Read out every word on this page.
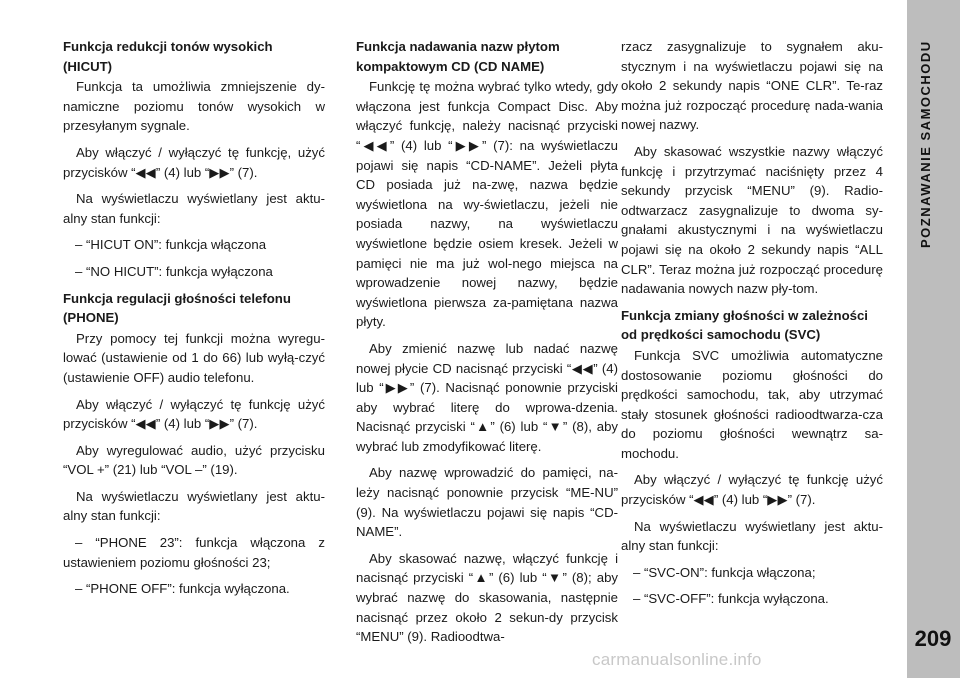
POZNAWANIE SAMOCHODU
209

Funkcja redukcji tonów wysokich (HICUT)

Funkcja ta umożliwia zmniejszenie dy-namiczne poziomu tonów wysokich w przesyłanym sygnale.

Aby włączyć / wyłączyć tę funkcję, użyć przycisków “◀◀” (4) lub “▶▶” (7).

Na wyświetlaczu wyświetlany jest aktu-alny stan funkcji:

– “HICUT ON”: funkcja włączona

– “NO HICUT”: funkcja wyłączona

Funkcja regulacji głośności telefonu (PHONE)

Przy pomocy tej funkcji można wyregu-lować (ustawienie od 1 do 66) lub wyłą-czyć (ustawienie OFF) audio telefonu.

Aby włączyć / wyłączyć tę funkcję użyć przycisków “◀◀” (4) lub “▶▶” (7).

Aby wyregulować audio, użyć przycisku “VOL +” (21) lub “VOL –” (19).

Na wyświetlaczu wyświetlany jest aktu-alny stan funkcji:

– “PHONE 23”: funkcja włączona z ustawieniem poziomu głośności 23;

– “PHONE OFF”: funkcja wyłączona.

Funkcja nadawania nazw płytom kompaktowym CD (CD NAME)

Funkcję tę można wybrać tylko wtedy, gdy włączona jest funkcja Compact Disc. Aby włączyć funkcję, należy nacisnąć przyciski “◀◀” (4) lub “▶▶” (7): na wyświetlaczu pojawi się napis “CD-NAME”. Jeżeli płyta CD posiada już na-zwę, nazwa będzie wyświetlona na wy-świetlaczu, jeżeli nie posiada nazwy, na wyświetlaczu wyświetlone będzie osiem kresek. Jeżeli w pamięci nie ma już wol-nego miejsca na wprowadzenie nowej nazwy, będzie wyświetlona pierwsza za-pamiętana nazwa płyty.

Aby zmienić nazwę lub nadać nazwę nowej płycie CD nacisnąć przyciski “◀◀” (4) lub “▶▶” (7). Nacisnąć ponownie przyciski aby wybrać literę do wprowa-dzenia. Nacisnąć przyciski “▲” (6) lub “▼” (8), aby wybrać lub zmodyfikować literę.

Aby nazwę wprowadzić do pamięci, na-leży nacisnąć ponownie przycisk “ME-NU” (9). Na wyświetlaczu pojawi się napis “CD-NAME”.

Aby skasować nazwę, włączyć funkcję i nacisnąć przyciski “▲” (6) lub “▼” (8); aby wybrać nazwę do skasowania, następnie nacisnąć przez około 2 sekun-dy przycisk “MENU” (9). Radioodtwa-

rzacz zasygnalizuje to sygnałem aku-stycznym i na wyświetlaczu pojawi się na około 2 sekundy napis “ONE CLR”. Te-raz można już rozpocząć procedurę nada-wania nowej nazwy.

Aby skasować wszystkie nazwy włączyć funkcję i przytrzymać naciśnięty przez 4 sekundy przycisk “MENU” (9). Radio-odtwarzacz zasygnalizuje to dwoma sy-gnałami akustycznymi i na wyświetlaczu pojawi się na około 2 sekundy napis “ALL CLR”. Teraz można już rozpocząć procedurę nadawania nowych nazw pły-tom.

Funkcja zmiany głośności w zależności od prędkości samochodu (SVC)

Funkcja SVC umożliwia automatyczne dostosowanie poziomu głośności do prędkości samochodu, tak, aby utrzymać stały stosunek głośności radioodtwarza-cza do poziomu głośności wewnątrz sa-mochodu.

Aby włączyć / wyłączyć tę funkcję użyć przycisków “◀◀” (4) lub “▶▶” (7).

Na wyświetlaczu wyświetlany jest aktu-alny stan funkcji:

– “SVC-ON”: funkcja włączona;

– “SVC-OFF”: funkcja wyłączona.

carmanualsonline.info
